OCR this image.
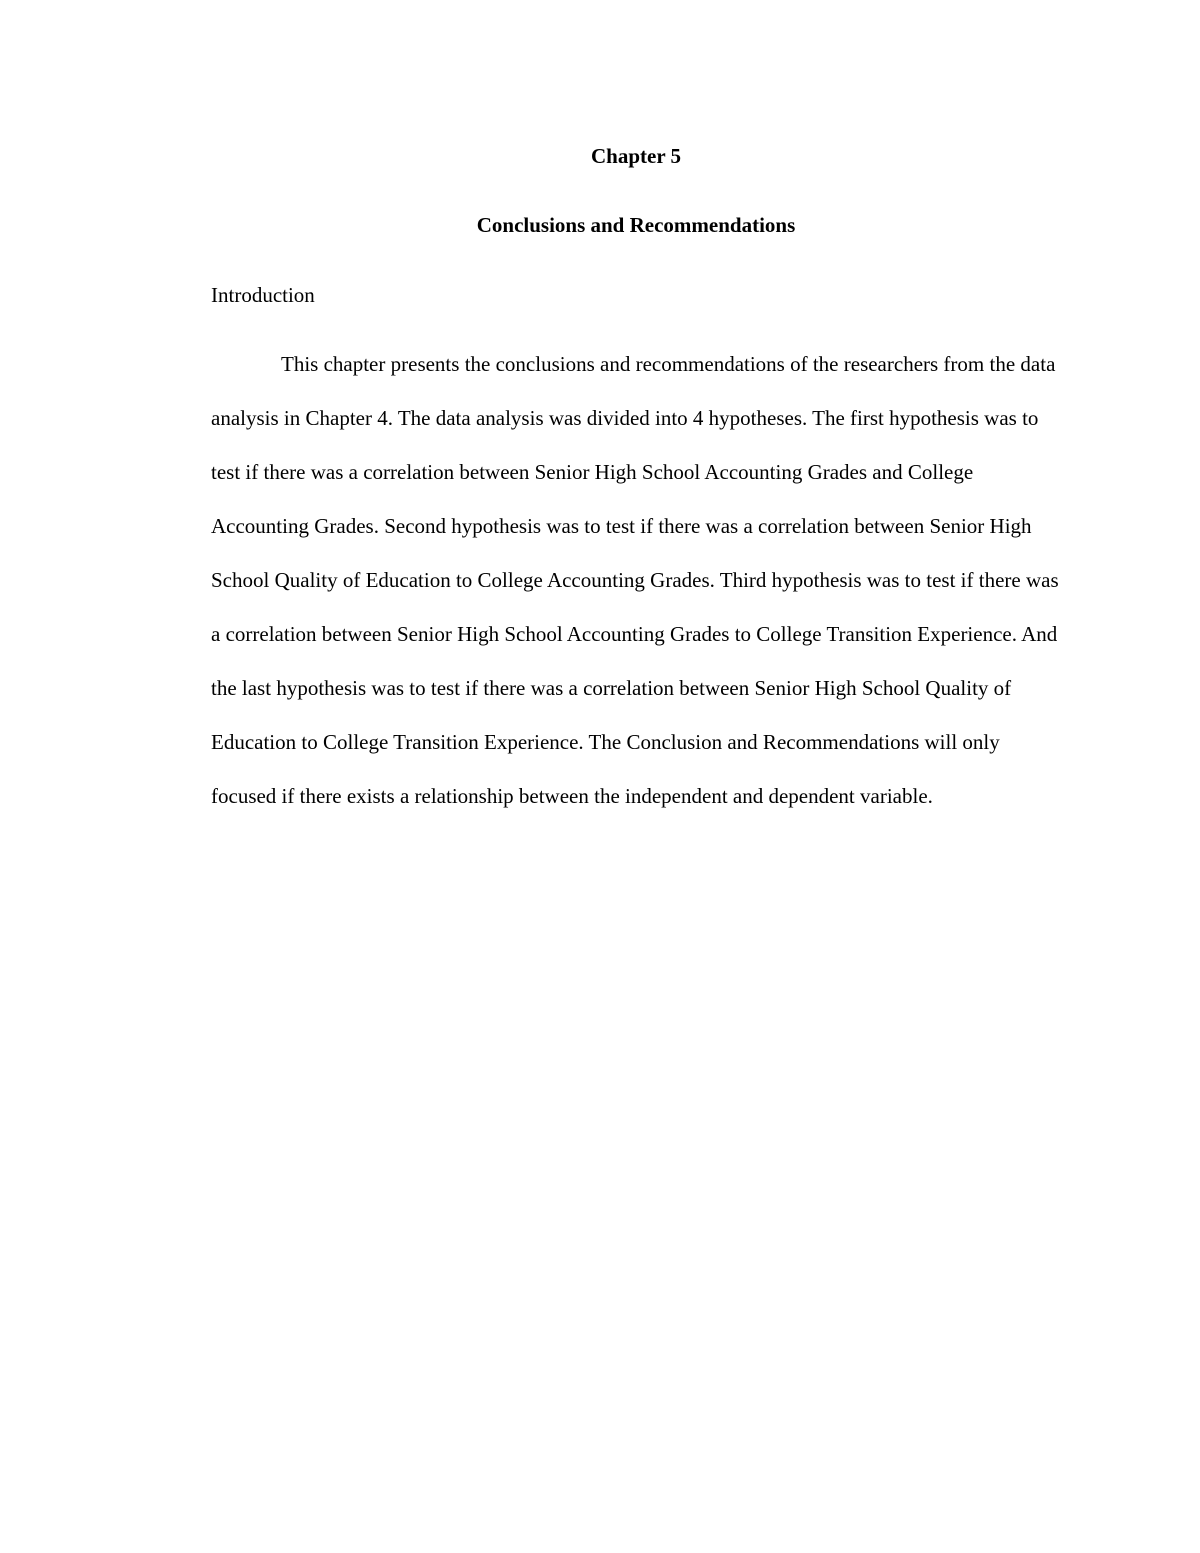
Chapter 5
Conclusions and Recommendations
Introduction

This chapter presents the conclusions and recommendations of the researchers from the data analysis in Chapter 4. The data analysis was divided into 4 hypotheses. The first hypothesis was to test if there was a correlation between Senior High School Accounting Grades and College Accounting Grades. Second hypothesis was to test if there was a correlation between Senior High School Quality of Education to College Accounting Grades. Third hypothesis was to test if there was a correlation between Senior High School Accounting Grades to College Transition Experience. And the last hypothesis was to test if there was a correlation between Senior High School Quality of Education to College Transition Experience. The Conclusion and Recommendations will only focused if there exists a relationship between the independent and dependent variable.
